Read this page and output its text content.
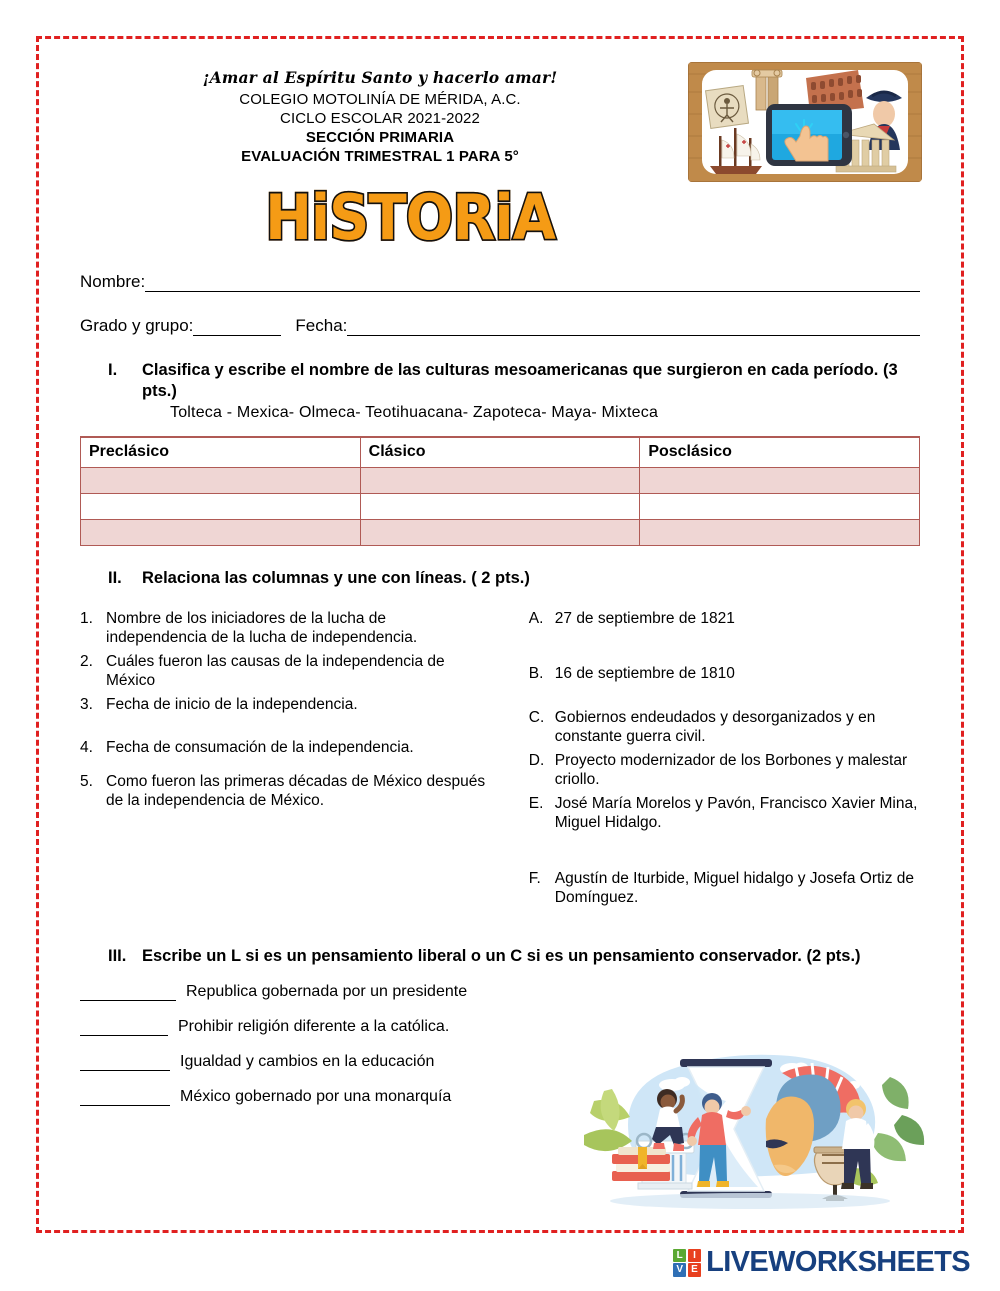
¡Amar al Espíritu Santo y hacerlo amar!
COLEGIO MOTOLINÍA DE MÉRIDA, A.C.
CICLO ESCOLAR 2021-2022
SECCIÓN PRIMARIA
EVALUACIÓN TRIMESTRAL 1 PARA 5°
HiSTORiA
Nombre:
Grado y grupo:	Fecha:
I.	Clasifica y escribe el nombre de las culturas mesoamericanas que surgieron en cada período. (3 pts.)
Tolteca - Mexica- Olmeca- Teotihuacana- Zapoteca- Maya- Mixteca
Preclásico	Clásico	Posclásico

II.	Relaciona las columnas y une con líneas. ( 2 pts.)
1. Nombre de los iniciadores de la lucha de independencia de la lucha de independencia.
2. Cuáles fueron las causas de la independencia de México
3. Fecha de inicio de la independencia.
4. Fecha de consumación de la independencia.
5. Como fueron las primeras décadas de México después de la independencia de México.
A. 27 de septiembre de 1821
B. 16 de septiembre de 1810
C. Gobiernos endeudados y desorganizados y en constante guerra civil.
D. Proyecto modernizador de los Borbones y malestar criollo.
E. José María Morelos y Pavón, Francisco Xavier Mina, Miguel Hidalgo.
F. Agustín de Iturbide, Miguel hidalgo y Josefa Ortiz de Domínguez.
III. Escribe un L si es un pensamiento liberal o un C si es un pensamiento conservador. (2 pts.)
Republica gobernada por un presidente
Prohibir religión diferente a la católica.
Igualdad y cambios en la educación
México gobernado por una monarquía
L	I
V E LIVEWORKSHEETS
